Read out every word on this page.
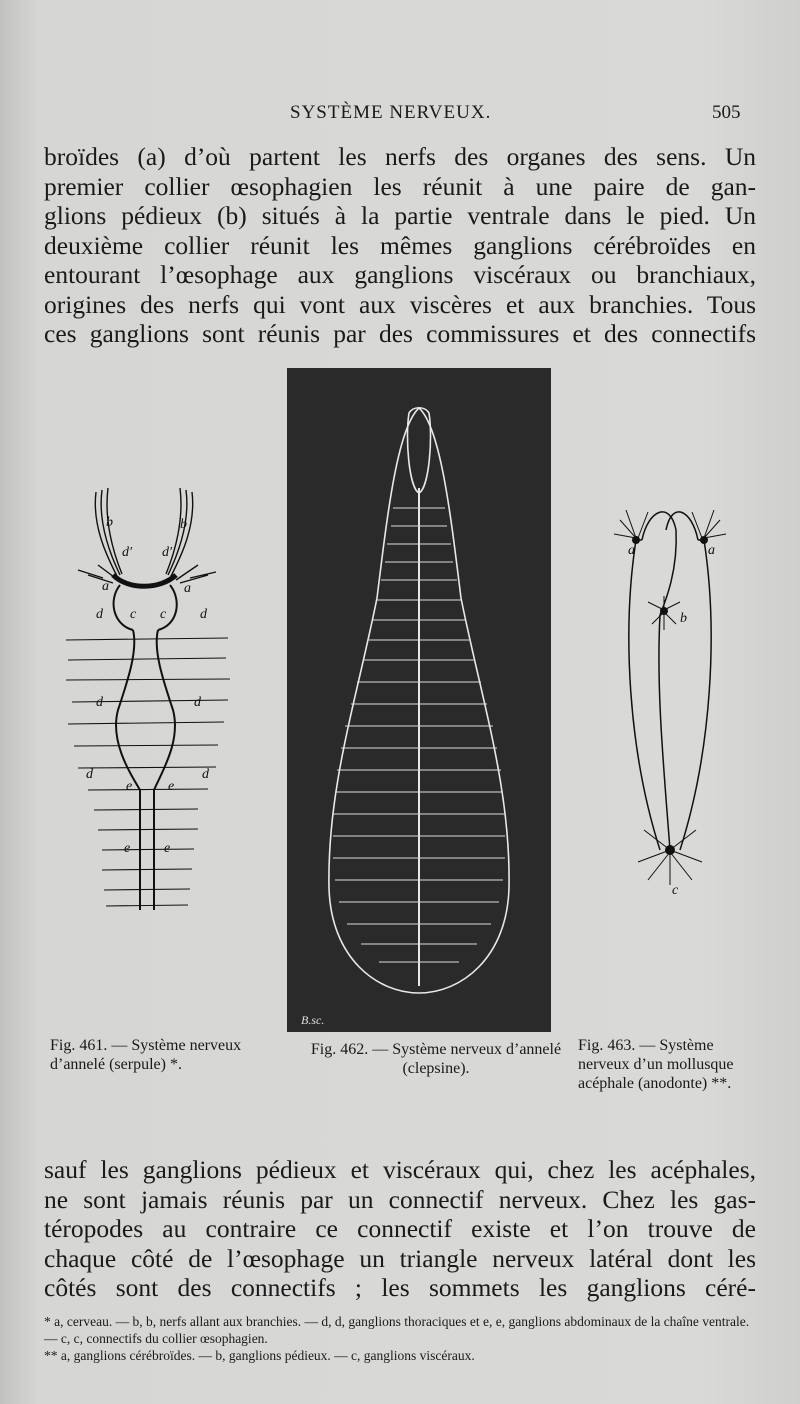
SYSTÈME NERVEUX.	505
broïdes (a) d’où partent les nerfs des organes des sens. Un
premier collier œsophagien les réunit à une paire de gan-
glions pédieux (b) situés à la partie ventrale dans le pied. Un
deuxième collier réunit les mêmes ganglions cérébroïdes en
entourant l’œsophage aux ganglions viscéraux ou branchiaux,
origines des nerfs qui vont aux viscères et aux branchies. Tous
ces ganglions sont réunis par des commissures et des connectifs
b	b
d′ d′
a	a
c c
d	d
d	d
d	d
e	e
e e
B.sc.
a	a
b
c
Fig. 461. — Système nerveux d’annelé (serpule) *.
Fig. 462. — Système nerveux d’annelé (clepsine).
Fig. 463. — Système nerveux d’un mollusque acéphale (anodonte) **.
sauf les ganglions pédieux et viscéraux qui, chez les acéphales,
ne sont jamais réunis par un connectif nerveux. Chez les gas-
téropodes au contraire ce connectif existe et l’on trouve de
chaque côté de l’œsophage un triangle nerveux latéral dont les
côtés sont des connectifs ; les sommets les ganglions céré-
* a, cerveau. — b, b, nerfs allant aux branchies. — d, d, ganglions thoraciques et e, e, ganglions abdominaux de la chaîne ventrale. — c, c, connectifs du collier œsophagien.
** a, ganglions cérébroïdes. — b, ganglions pédieux. — c, ganglions viscéraux.
